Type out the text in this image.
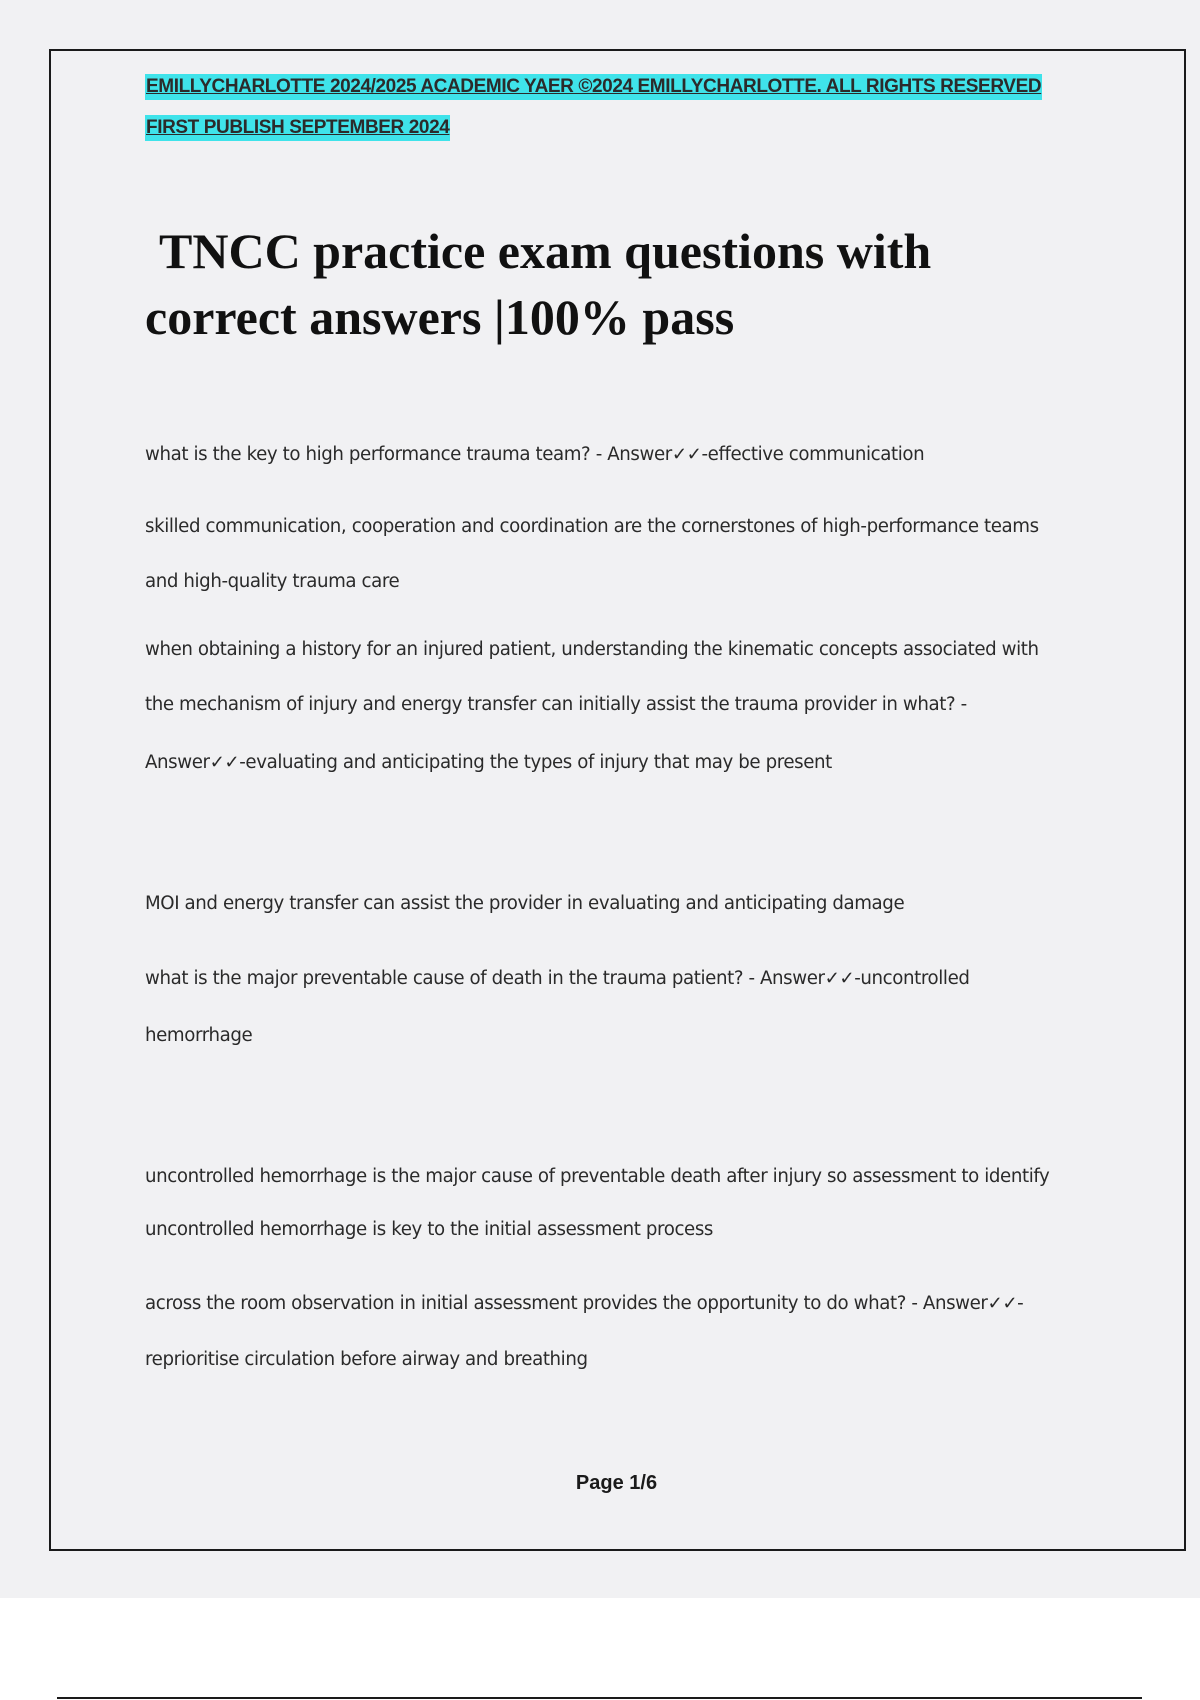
EMILLYCHARLOTTE 2024/2025 ACADEMIC YAER ©2024 EMILLYCHARLOTTE. ALL RIGHTS RESERVED
FIRST PUBLISH SEPTEMBER 2024
TNCC practice exam questions with
correct answers |100% pass

what is the key to high performance trauma team? - Answer✓✓-effective communication

skilled communication, cooperation and coordination are the cornerstones of high-performance teams

and high-quality trauma care

when obtaining a history for an injured patient, understanding the kinematic concepts associated with

the mechanism of injury and energy transfer can initially assist the trauma provider in what? -

Answer✓✓-evaluating and anticipating the types of injury that may be present

MOI and energy transfer can assist the provider in evaluating and anticipating damage

what is the major preventable cause of death in the trauma patient? - Answer✓✓-uncontrolled

hemorrhage

uncontrolled hemorrhage is the major cause of preventable death after injury so assessment to identify

uncontrolled hemorrhage is key to the initial assessment process

across the room observation in initial assessment provides the opportunity to do what? - Answer✓✓-

reprioritise circulation before airway and breathing

Page 1/6
